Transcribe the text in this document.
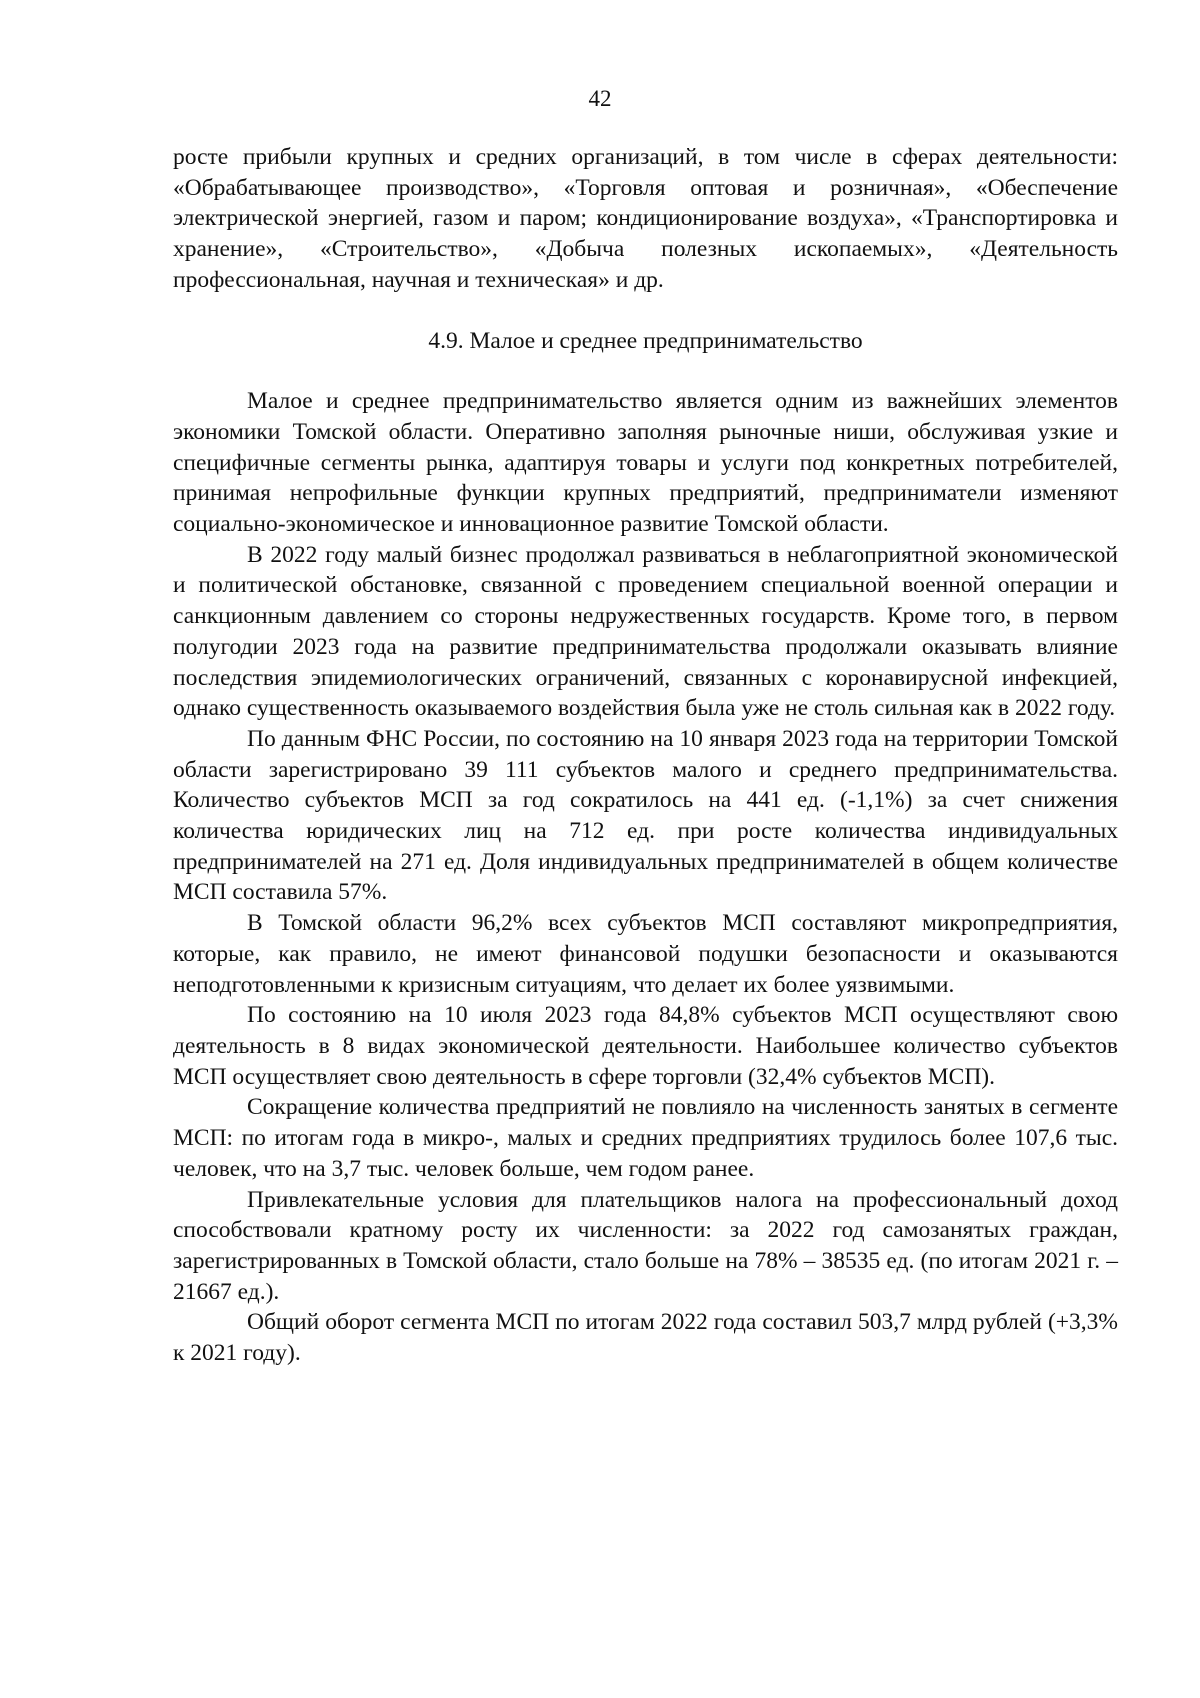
42

росте прибыли крупных и средних организаций, в том числе в сферах деятельности: «Обрабатывающее производство», «Торговля оптовая и розничная», «Обеспечение электрической энергией, газом и паром; кондиционирование воздуха», «Транспортировка и хранение», «Строительство», «Добыча полезных ископаемых», «Деятельность профессиональная, научная и техническая» и др.

4.9. Малое и среднее предпринимательство

Малое и среднее предпринимательство является одним из важнейших элементов экономики Томской области. Оперативно заполняя рыночные ниши, обслуживая узкие и специфичные сегменты рынка, адаптируя товары и услуги под конкретных потребителей, принимая непрофильные функции крупных предприятий, предприниматели изменяют социально-экономическое и инновационное развитие Томской области.

В 2022 году малый бизнес продолжал развиваться в неблагоприятной экономической и политической обстановке, связанной с проведением специальной военной операции и санкционным давлением со стороны недружественных государств. Кроме того, в первом полугодии 2023 года на развитие предпринимательства продолжали оказывать влияние последствия эпидемиологических ограничений, связанных с коронавирусной инфекцией, однако существенность оказываемого воздействия была уже не столь сильная как в 2022 году.

По данным ФНС России, по состоянию на 10 января 2023 года на территории Томской области зарегистрировано 39 111 субъектов малого и среднего предпринимательства. Количество субъектов МСП за год сократилось на 441 ед. (-1,1%) за счет снижения количества юридических лиц на 712 ед. при росте количества индивидуальных предпринимателей на 271 ед. Доля индивидуальных предпринимателей в общем количестве МСП составила 57%.

В Томской области 96,2% всех субъектов МСП составляют микропредприятия, которые, как правило, не имеют финансовой подушки безопасности и оказываются неподготовленными к кризисным ситуациям, что делает их более уязвимыми.

По состоянию на 10 июля 2023 года 84,8% субъектов МСП осуществляют свою деятельность в 8 видах экономической деятельности. Наибольшее количество субъектов МСП осуществляет свою деятельность в сфере торговли (32,4% субъектов МСП).

Сокращение количества предприятий не повлияло на численность занятых в сегменте МСП: по итогам года в микро-, малых и средних предприятиях трудилось более 107,6 тыс. человек, что на 3,7 тыс. человек больше, чем годом ранее.

Привлекательные условия для плательщиков налога на профессиональный доход способствовали кратному росту их численности: за 2022 год самозанятых граждан, зарегистрированных в Томской области, стало больше на 78% – 38535 ед. (по итогам 2021 г. – 21667 ед.).

Общий оборот сегмента МСП по итогам 2022 года составил 503,7 млрд рублей (+3,3% к 2021 году).
